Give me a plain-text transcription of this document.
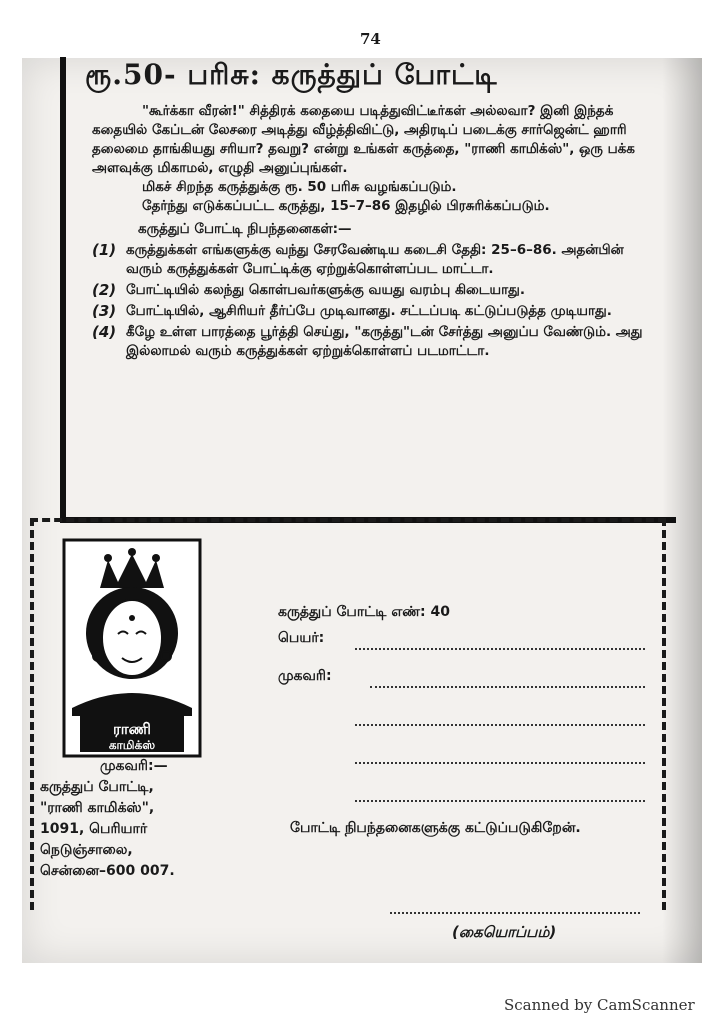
74
ரூ.50- பரிசு: கருத்துப் போட்டி

"கூர்க்கா வீரன்!" சித்திரக் கதையை படித்துவிட்டீர்கள் அல்லவா? இனி இந்தக் கதையில் கேப்டன் லேசரை அடித்து வீழ்த்திவிட்டு, அதிரடிப் படைக்கு சார்ஜென்ட் ஹாரி தலைமை தாங்கியது சரியா? தவறு? என்று உங்கள் கருத்தை, "ராணி காமிக்ஸ்", ஒரு பக்க அளவுக்கு மிகாமல், எழுதி அனுப்புங்கள்.

மிகச் சிறந்த கருத்துக்கு ரூ. 50 பரிசு வழங்கப்படும்.

தேர்ந்து எடுக்கப்பட்ட கருத்து, 15–7–86 இதழில் பிரசுரிக்கப்படும்.

கருத்துப் போட்டி நிபந்தனைகள்:—

(1) கருத்துக்கள் எங்களுக்கு வந்து சேரவேண்டிய கடைசி தேதி: 25–6–86. அதன்பின் வரும் கருத்துக்கள் போட்டிக்கு ஏற்றுக்கொள்ளப்பட மாட்டா.
(2) போட்டியில் கலந்து கொள்பவர்களுக்கு வயது வரம்பு கிடையாது.
(3) போட்டியில், ஆசிரியர் தீர்ப்பே முடிவானது. சட்டப்படி கட்டுப்படுத்த முடியாது.
(4) கீழே உள்ள பாரத்தை பூர்த்தி செய்து, "கருத்து"டன் சேர்த்து அனுப்ப வேண்டும். அது இல்லாமல் வரும் கருத்துக்கள் ஏற்றுக்கொள்ளப் படமாட்டா.
ராணி
காமிக்ஸ்
கருத்துப் போட்டி எண்: 40
பெயர்:
முகவரி:
முகவரி:—
கருத்துப் போட்டி,
"ராணி காமிக்ஸ்",
1091, பெரியார்
நெடுஞ்சாலை,
சென்னை–600 007.
போட்டி நிபந்தனைகளுக்கு கட்டுப்படுகிறேன்.
(கையொப்பம்)
Scanned by CamScanner
